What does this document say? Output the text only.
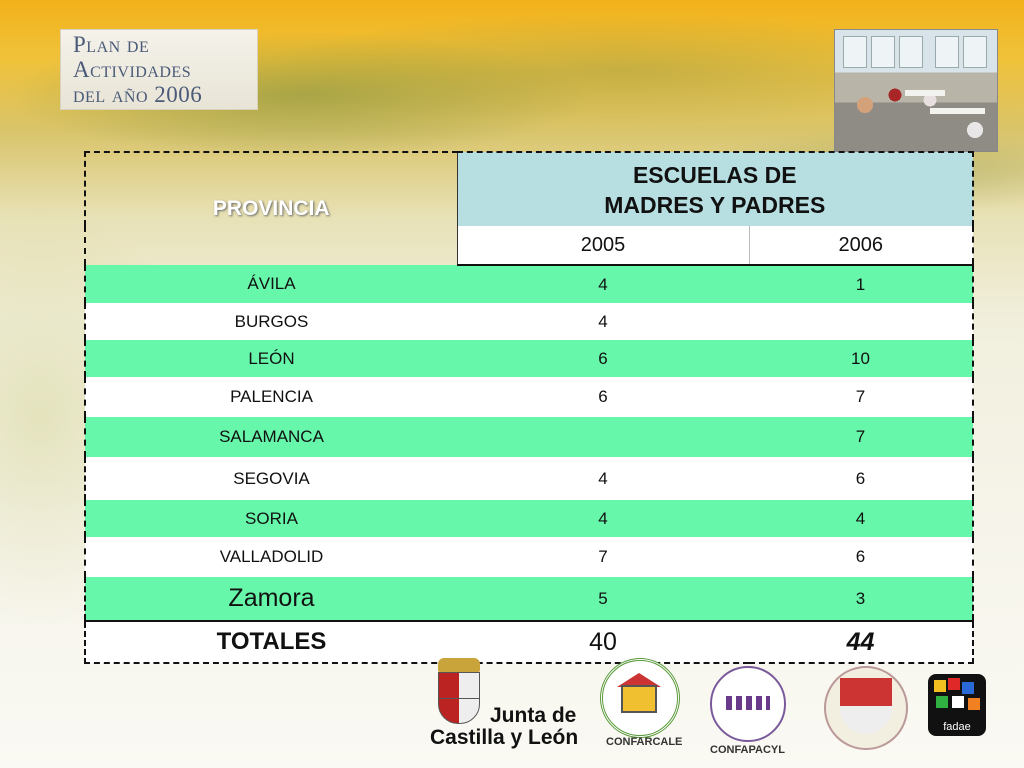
Plan de
Actividades
del año 2006
PROVINCIA	ESCUELAS DE
MADRES Y PADRES	

	2005	2006
ÁVILA	4	1
BURGOS	4	
LEÓN	6	10
PALENCIA	6	7
SALAMANCA		7
SEGOVIA	4	6
SORIA	4	4
VALLADOLID	7	6
Zamora	5	3
TOTALES	40	44
Junta de
Castilla y León	CONFARCALE
CONFAPACYL
fadae
